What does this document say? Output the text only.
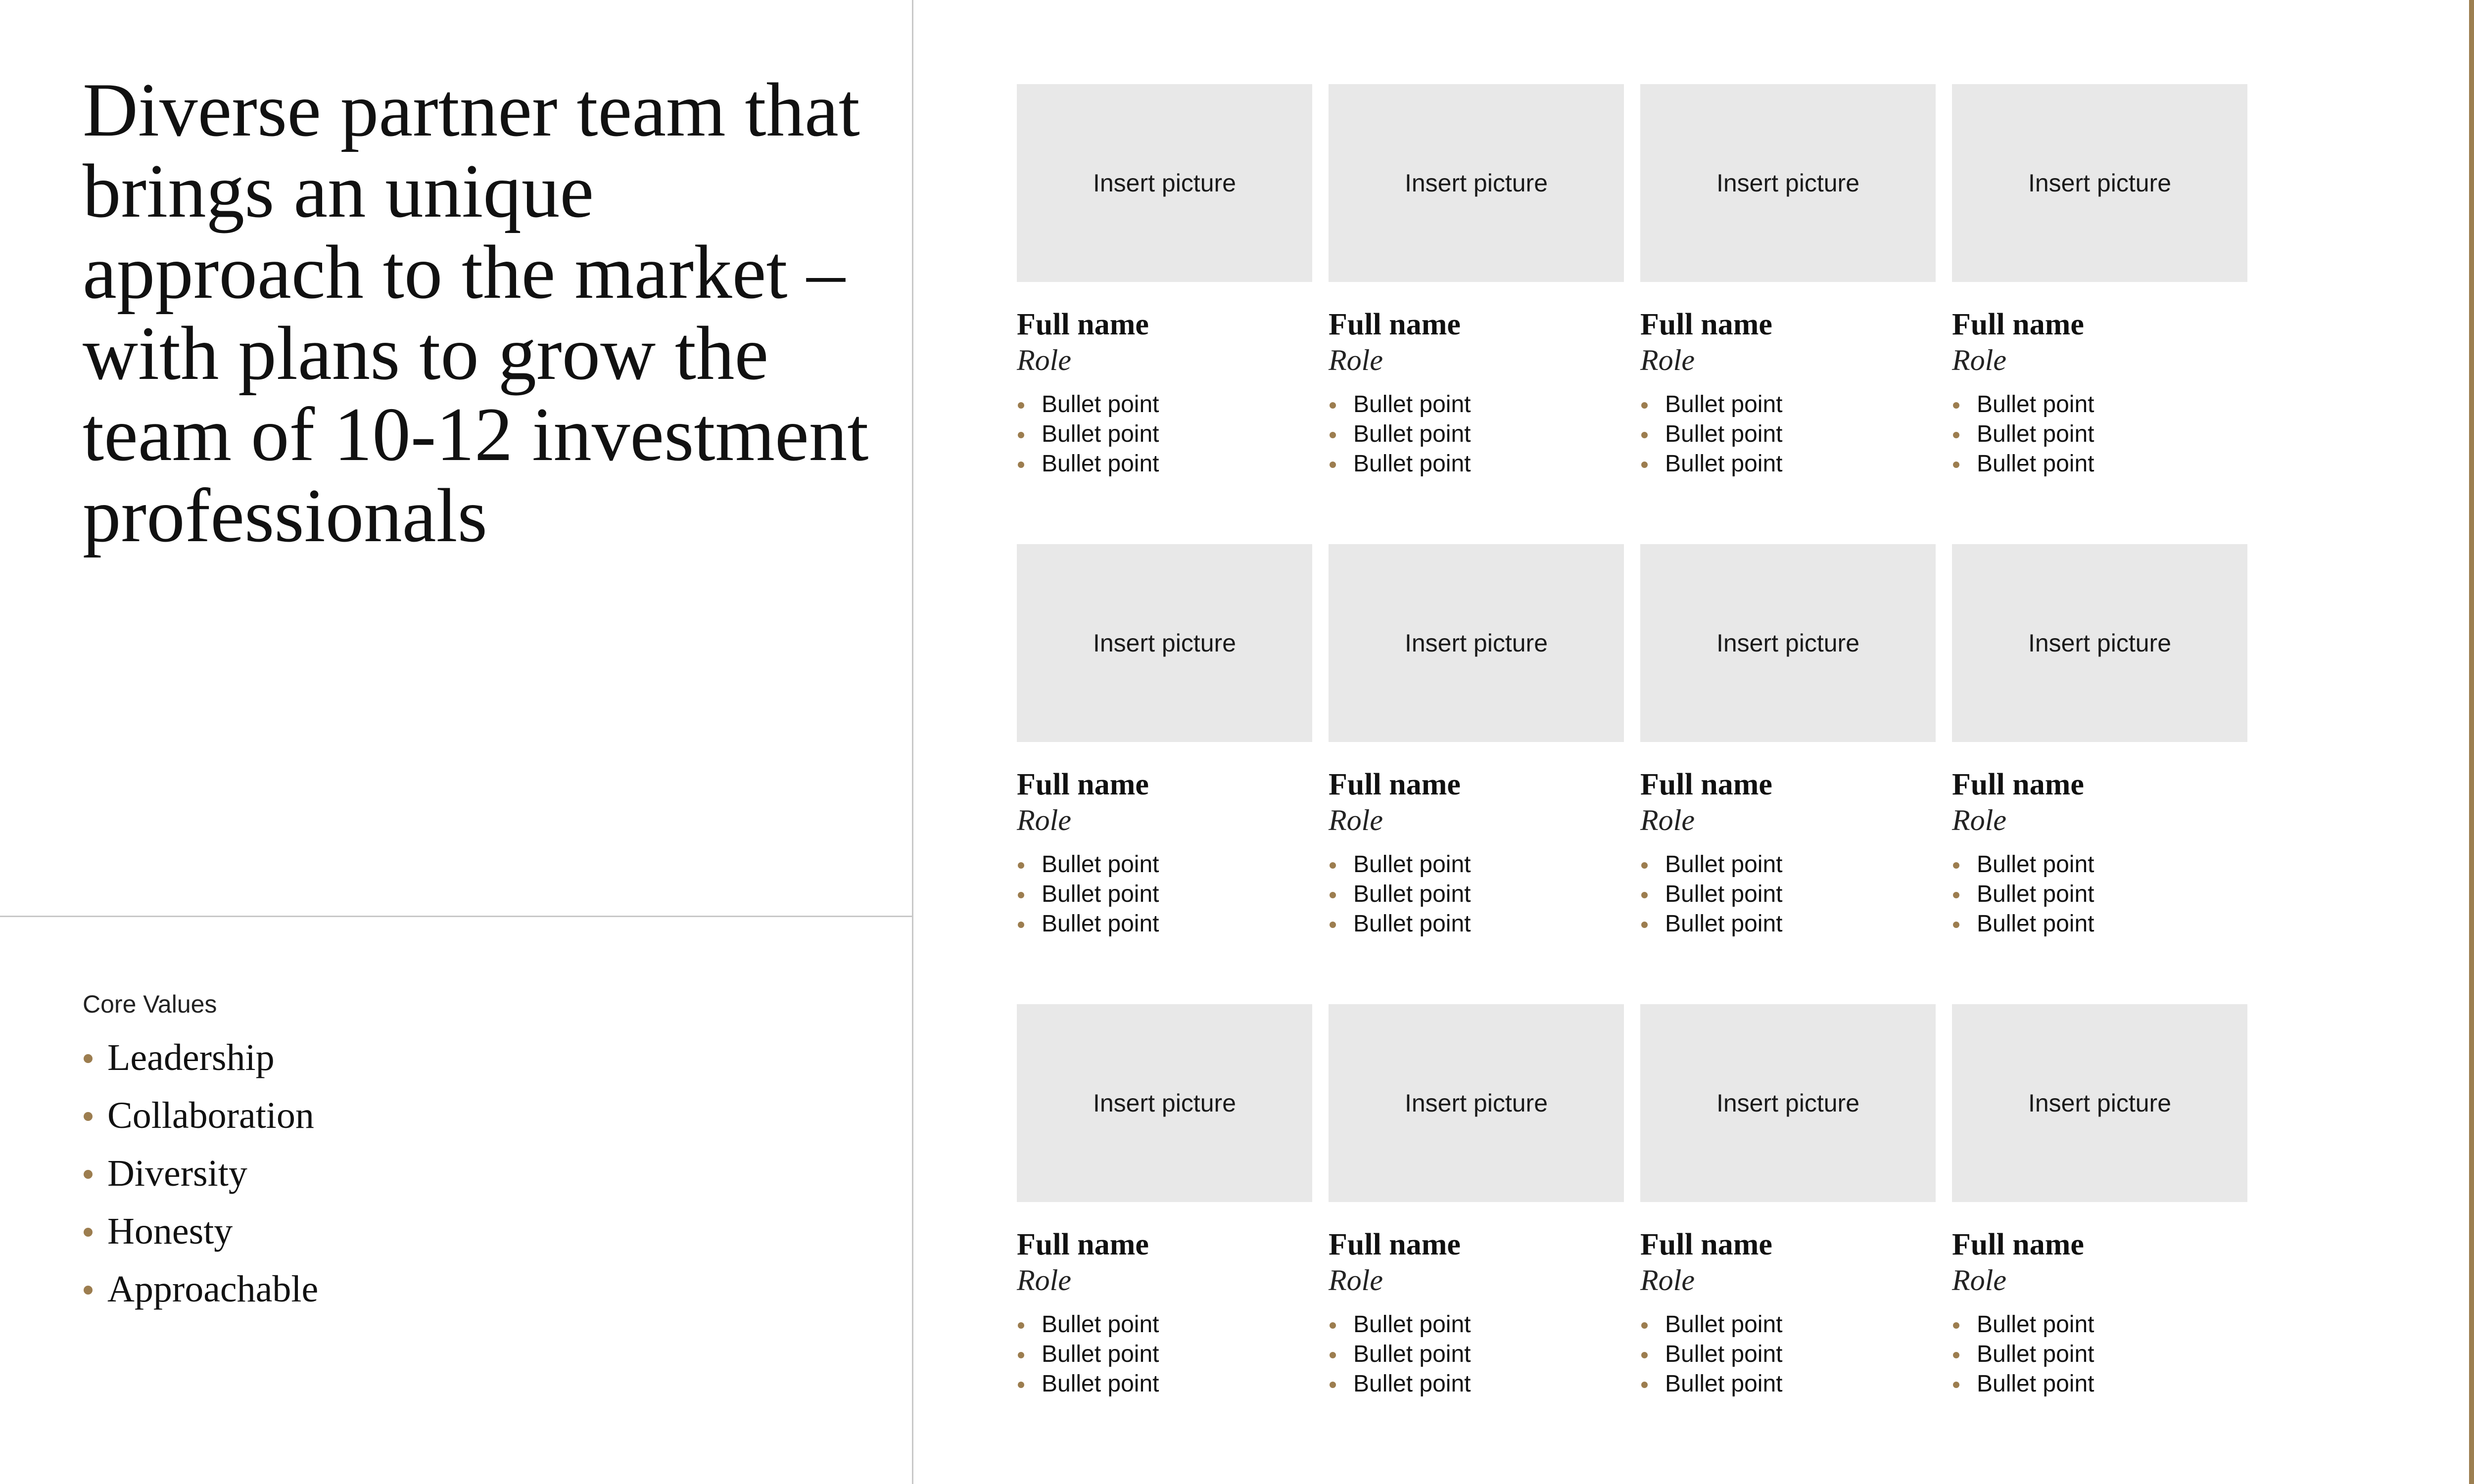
Diverse partner team that brings an unique approach to the market – with plans to grow the team of 10-12 investment professionals
Core Values
Leadership
Collaboration
Diversity
Honesty
Approachable
Insert picture
Full name
Role
Bullet point
Bullet point
Bullet point
Insert picture
Full name
Role
Bullet point
Bullet point
Bullet point
Insert picture
Full name
Role
Bullet point
Bullet point
Bullet point
Insert picture
Full name
Role
Bullet point
Bullet point
Bullet point
Insert picture
Full name
Role
Bullet point
Bullet point
Bullet point
Insert picture
Full name
Role
Bullet point
Bullet point
Bullet point
Insert picture
Full name
Role
Bullet point
Bullet point
Bullet point
Insert picture
Full name
Role
Bullet point
Bullet point
Bullet point
Insert picture
Full name
Role
Bullet point
Bullet point
Bullet point
Insert picture
Full name
Role
Bullet point
Bullet point
Bullet point
Insert picture
Full name
Role
Bullet point
Bullet point
Bullet point
Insert picture
Full name
Role
Bullet point
Bullet point
Bullet point
